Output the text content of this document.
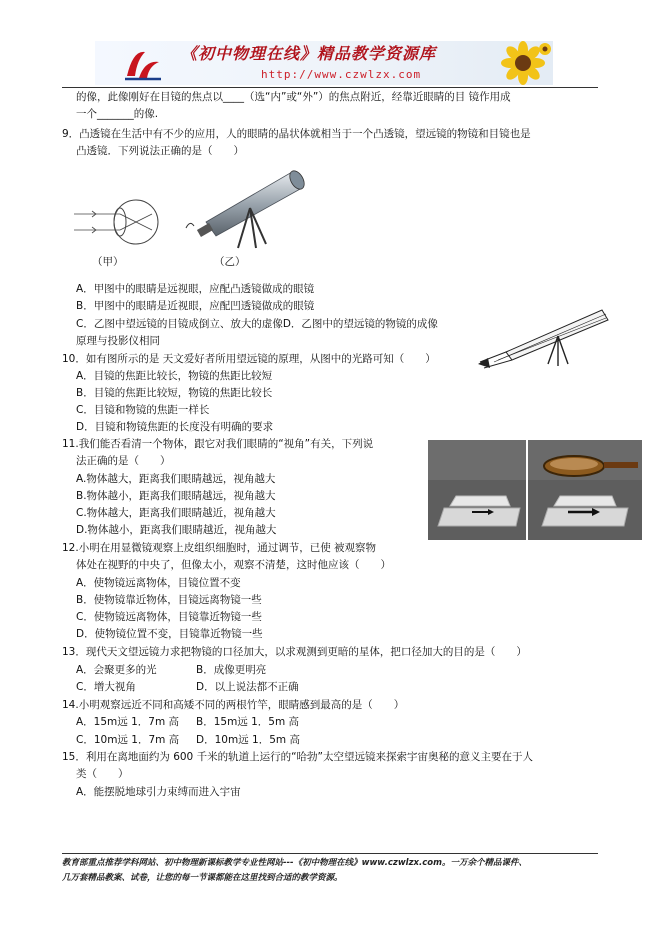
《初中物理在线》精品教学资源库
http://www.czwlzx.com
的像，此像刚好在目镜的焦点以____（选“内”或“外”）的焦点附近，经靠近眼睛的目 镜作用成
一个_______的像.
9．凸透镜在生活中有不少的应用，人的眼睛的晶状体就相当于一个凸透镜，望远镜的物镜和目镜也是
凸透镜．下列说法正确的是（　　）
（甲）	（乙）
A．甲图中的眼睛是远视眼，应配凸透镜做成的眼镜
B．甲图中的眼睛是近视眼，应配凹透镜做成的眼镜
C．乙图中望远镜的目镜成倒立、放大的虚像D．乙图中的望远镜的物镜的成像
原理与投影仪相同
10．如有图所示的是 天文爱好者所用望远镜的原理，从图中的光路可知（　　）
A．目镜的焦距比较长，物镜的焦距比较短
B．目镜的焦距比较短，物镜的焦距比较长
C．目镜和物镜的焦距一样长
D．目镜和物镜焦距的长度没有明确的要求
11.我们能否看清一个物体，跟它对我们眼睛的“视角”有关，下列说
法正确的是（　　）
A.物体越大，距离我们眼睛越远，视角越大
B.物体越小，距离我们眼睛越远，视角越大
C.物体越大，距离我们眼睛越近，视角越大
D.物体越小，距离我们眼睛越近，视角越大
12.小明在用显微镜观察上皮组织细胞时，通过调节，已使 被观察物
体处在视野的中央了，但像太小，观察不清楚，这时他应该（　　）
A．使物镜远离物体，目镜位置不变
B．使物镜靠近物体，目镜远离物镜一些
C．使物镜远离物体，目镜靠近物镜一些
D．使物镜位置不变，目镜靠近物镜一些
13．现代天文望远镜力求把物镜的口径加大，以求观测到更暗的星体，把口径加大的目的是（　　）
A．会聚更多的光	B．成像更明亮
C．增大视角	D．以上说法都不正确
14.小明观察远近不同和高矮不同的两根竹竿，眼睛感到最高的是（　　）
A．15m远 1．7m 高 B．15m远 1．5m 高
C．10m远 1．7m 高 D．10m远 1．5m 高
15．利用在离地面约为 600 千米的轨道上运行的“哈勃”太空望远镜来探索宇宙奥秘的意义主要在于人
类（　　）
A．能摆脱地球引力束缚而进入宇宙
教育部重点推荐学科网站、初中物理新课标教学专业性网站---《初中物理在线》www.czwlzx.com。一万余个精品课件、
几万套精品教案、试卷，让您的每一节课都能在这里找到合适的教学资源。
